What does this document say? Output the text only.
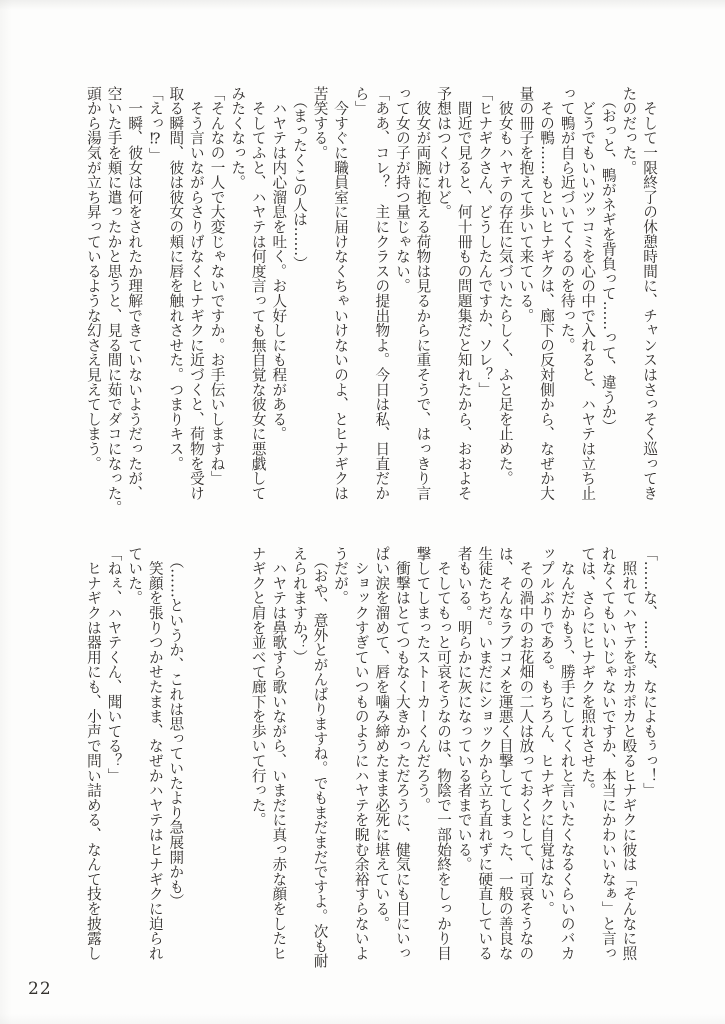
　そして一限終了の休憩時間に、チャンスはさっそく巡ってき

たのだった。

　（おっと、鴨がネギを背負って……って、違うか）

　どうでもいいツッコミを心の中で入れると、ハヤテは立ち止

って鴨が自ら近づいてくるのを待った。

　その鴨……もといヒナギクは、廊下の反対側から、なぜか大

量の冊子を抱えて歩いて来ている。

　彼女もハヤテの存在に気づいたらしく、ふと足を止めた。

「ヒナギクさん、どうしたんですか、ソレ？」

　間近で見ると、何十冊もの問題集だと知れたから、おおよそ

予想はつくけれど。

　彼女が両腕に抱える荷物は見るからに重そうで、はっきり言

って女の子が持つ量じゃない。

「ああ、コレ？　主にクラスの提出物よ。今日は私、日直だか

ら」

　今すぐに職員室に届けなくちゃいけないのよ、とヒナギクは

苦笑する。

　（まったくこの人は……）

　ハヤテは内心溜息を吐く。お人好しにも程がある。

　そしてふと、ハヤテは何度言っても無自覚な彼女に悪戯して

みたくなった。

「そんなの一人で大変じゃないですか。お手伝いしますね」

　そう言いながらさりげなくヒナギクに近づくと、荷物を受け

取る瞬間、彼は彼女の頬に唇を触れさせた。つまりキス。

「えっ⁉」

　一瞬、彼女は何をされたか理解できていないようだったが、

空いた手を頬に遣ったかと思うと、見る間に茹でダコになった。

頭から湯気が立ち昇っているような幻さえ見えてしまう。

「……な、……な、なによもぅっ！」

　照れてハヤテをポカポカと殴るヒナギクに彼は「そんなに照

れなくてもいいじゃないですか、本当にかわいいなぁ」と言っ

ては、さらにヒナギクを照れさせた。

　なんだかもう、勝手にしてくれと言いたくなるくらいのバカ

ップルぶりである。もちろん、ヒナギクに自覚はない。

　その渦中のお花畑の二人は放っておくとして、可哀そうなの

は、そんなラブコメを運悪く目撃してしまった、一般の善良な

生徒たちだ。いまだにショックから立ち直れずに硬直している

者もいる。明らかに灰になっている者までいる。

　そしてもっと可哀そうなのは、物陰で一部始終をしっかり目

撃してしまったストーカーくんだろう。

　衝撃はとてつもなく大きかっただろうに、健気にも目にいっ

ぱい涙を溜めて、唇を噛み締めたまま必死に堪えている。

　ショックすぎていつものようにハヤテを睨む余裕すらないよ

うだが。

　（おや、意外とがんばりますね。でもまだまだですよ。次も耐

えられますか？）

　ハヤテは鼻歌すら歌いながら、いまだに真っ赤な顔をしたヒ

ナギクと肩を並べて廊下を歩いて行った。

　（……というか、これは思っていたより急展開かも）

　笑顔を張りつかせたまま、なぜかハヤテはヒナギクに迫られ

ていた。

「ねぇ、ハヤテくん、聞いてる？」

　ヒナギクは器用にも、小声で問い詰める、なんて技を披露し

22
